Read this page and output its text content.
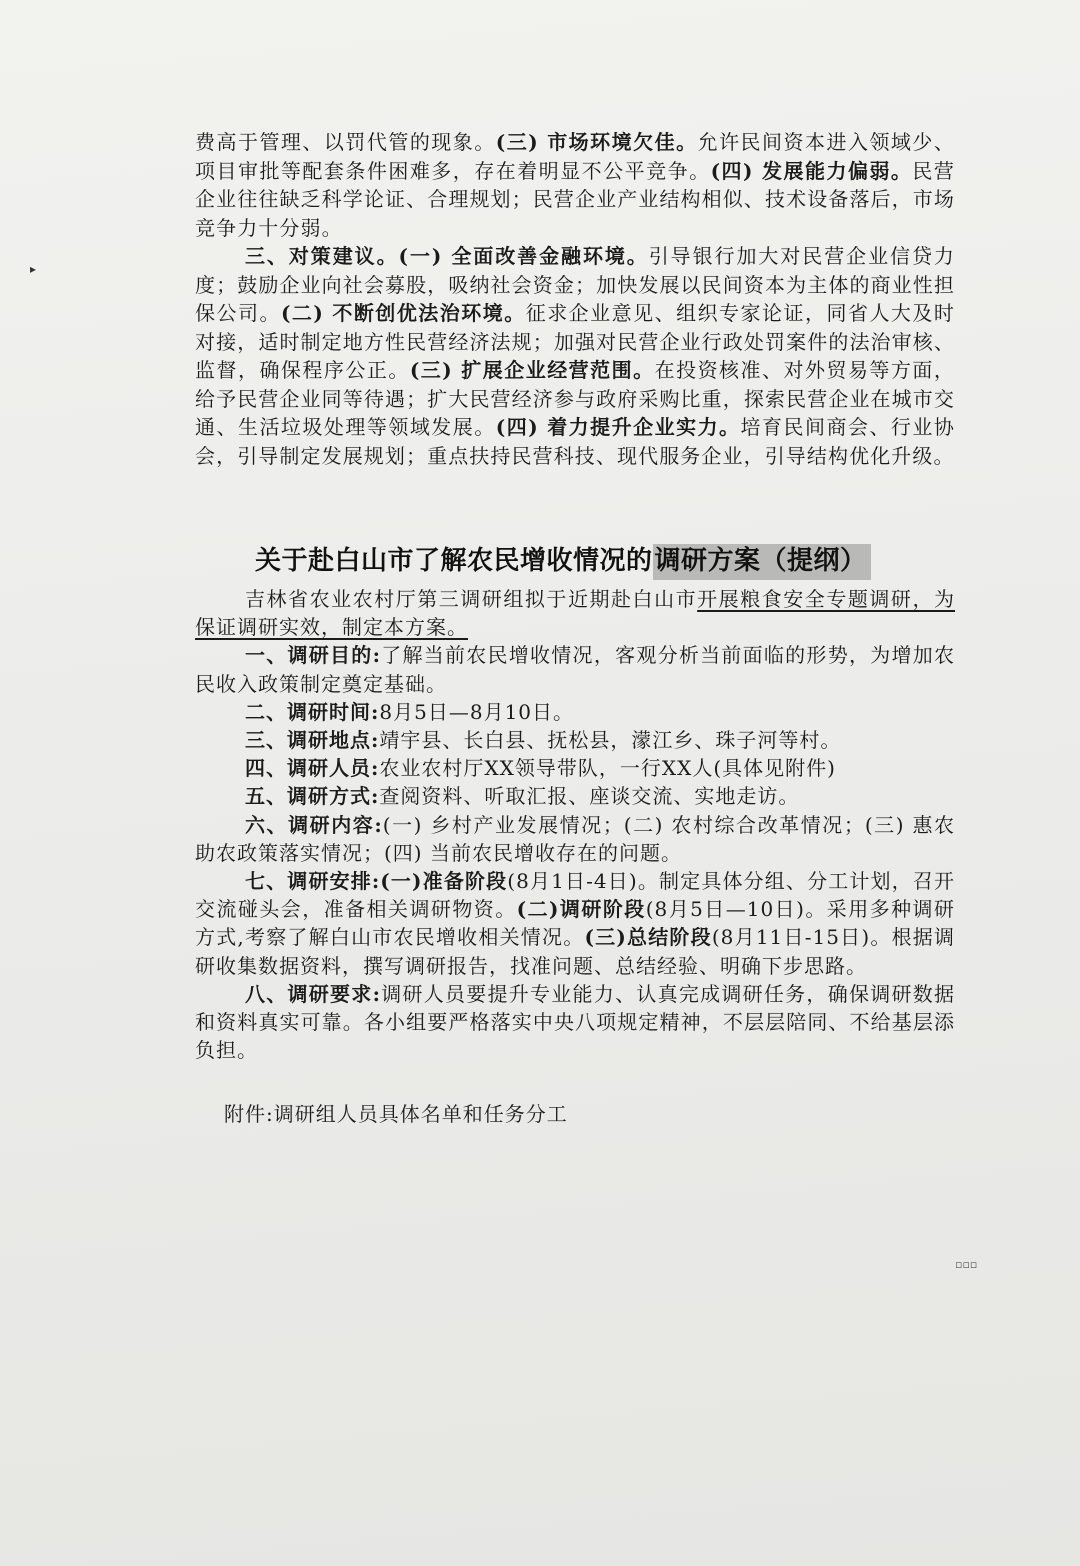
▸

费高于管理、以罚代管的现象。(三) 市场环境欠佳。允许民间资本进入领域少、项目审批等配套条件困难多，存在着明显不公平竞争。(四) 发展能力偏弱。民营企业往往缺乏科学论证、合理规划；民营企业产业结构相似、技术设备落后，市场竞争力十分弱。

三、对策建议。(一) 全面改善金融环境。引导银行加大对民营企业信贷力度；鼓励企业向社会募股，吸纳社会资金；加快发展以民间资本为主体的商业性担保公司。(二) 不断创优法治环境。征求企业意见、组织专家论证，同省人大及时对接，适时制定地方性民营经济法规；加强对民营企业行政处罚案件的法治审核、监督，确保程序公正。(三) 扩展企业经营范围。在投资核准、对外贸易等方面，给予民营企业同等待遇；扩大民营经济参与政府采购比重，探索民营企业在城市交通、生活垃圾处理等领域发展。(四) 着力提升企业实力。培育民间商会、行业协会，引导制定发展规划；重点扶持民营科技、现代服务企业，引导结构优化升级。

关于赴白山市了解农民增收情况的调研方案（提纲）

吉林省农业农村厅第三调研组拟于近期赴白山市开展粮食安全专题调研，为保证调研实效，制定本方案。

一、调研目的:了解当前农民增收情况，客观分析当前面临的形势，为增加农民收入政策制定奠定基础。

二、调研时间:8月5日—8月10日。

三、调研地点:靖宇县、长白县、抚松县，濛江乡、珠子河等村。

四、调研人员:农业农村厅XX领导带队，一行XX人(具体见附件)

五、调研方式:查阅资料、听取汇报、座谈交流、实地走访。

六、调研内容:(一) 乡村产业发展情况；(二) 农村综合改革情况；(三) 惠农助农政策落实情况；(四) 当前农民增收存在的问题。

七、调研安排:(一)准备阶段(8月1日-4日)。制定具体分组、分工计划，召开交流碰头会，准备相关调研物资。(二)调研阶段(8月5日—10日)。采用多种调研方式,考察了解白山市农民增收相关情况。(三)总结阶段(8月11日-15日)。根据调研收集数据资料，撰写调研报告，找准问题、总结经验、明确下步思路。

八、调研要求:调研人员要提升专业能力、认真完成调研任务，确保调研数据和资料真实可靠。各小组要严格落实中央八项规定精神，不层层陪同、不给基层添负担。

附件:调研组人员具体名单和任务分工
▫▫▫
